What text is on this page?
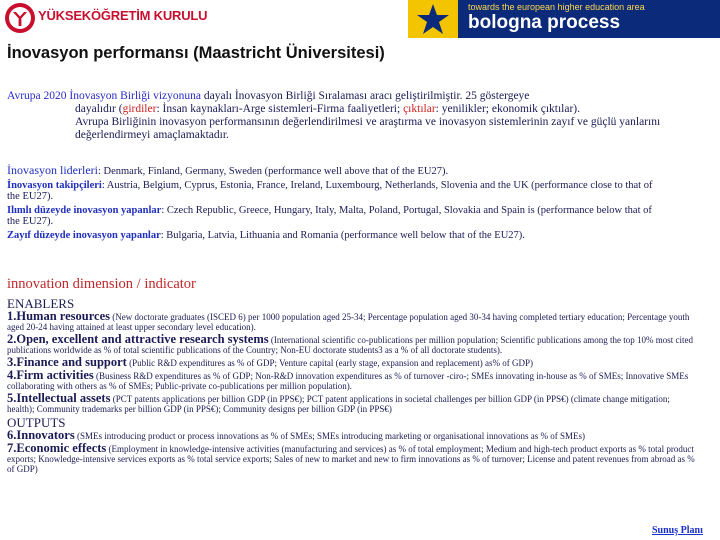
YÜKSEKÖĞRETİM KURULU
towards the european higher education area
bologna process
İnovasyon performansı (Maastricht Üniversitesi)
Avrupa 2020 İnovasyon Birliği vizyonuna dayalı İnovasyon Birliği Sıralaması aracı geliştirilmiştir. 25 göstergeye
dayalıdır (girdiler: İnsan kaynakları-Arge sistemleri-Firma faaliyetleri; çıktılar: yenilikler; ekonomik çıktılar).
Avrupa Birliğinin inovasyon performansının değerlendirilmesi ve araştırma ve inovasyon sistemlerinin zayıf ve güçlü yanlarını değerlendirmeyi amaçlamaktadır.

İnovasyon liderleri: Denmark, Finland, Germany, Sweden (performance well above that of the EU27).

İnovasyon takipçileri: Austria, Belgium, Cyprus, Estonia, France, Ireland, Luxembourg, Netherlands, Slovenia and the UK (performance close to that of the EU27).

Ilımlı düzeyde inovasyon yapanlar: Czech Republic, Greece, Hungary, Italy, Malta, Poland, Portugal, Slovakia and Spain is (performance below that of the EU27).

Zayıf düzeyde inovasyon yapanlar: Bulgaria, Latvia, Lithuania and Romania (performance well below that of the EU27).

innovation dimension / indicator
ENABLERS
1.Human resources (New doctorate graduates (ISCED 6) per 1000 population aged 25-34; Percentage population aged 30-34 having completed tertiary education; Percentage youth aged 20-24 having attained at least upper secondary level education).
2.Open, excellent and attractive research systems (International scientific co-publications per million population; Scientific publications among the top 10% most cited publications worldwide as % of total scientific publications of the Country; Non-EU doctorate students3 as a % of all doctorate students).
3.Finance and support (Public R&D expenditures as % of GDP; Venture capital (early stage, expansion and replacement) as% of GDP)
4.Firm activities (Business R&D expenditures as % of GDP; Non-R&D innovation expenditures as % of turnover -ciro-; SMEs innovating in-house as % of SMEs; Innovative SMEs collaborating with others as % of SMEs; Public-private co-publications per million population).
5.Intellectual assets (PCT patents applications per billion GDP (in PPS€); PCT patent applications in societal challenges per billion GDP (in PPS€) (climate change mitigation; health); Community trademarks per billion GDP (in PPS€); Community designs per billion GDP (in PPS€)
OUTPUTS
6.Innovators (SMEs introducing product or process innovations as % of SMEs; SMEs introducing marketing or organisational innovations as % of SMEs)
7.Economic effects (Employment in knowledge-intensive activities (manufacturing and services) as % of total employment; Medium and high-tech product exports as % total product exports; Knowledge-intensive services exports as % total service exports; Sales of new to market and new to firm innovations as % of turnover; License and patent revenues from abroad as % of GDP)
Sunuş Planı
